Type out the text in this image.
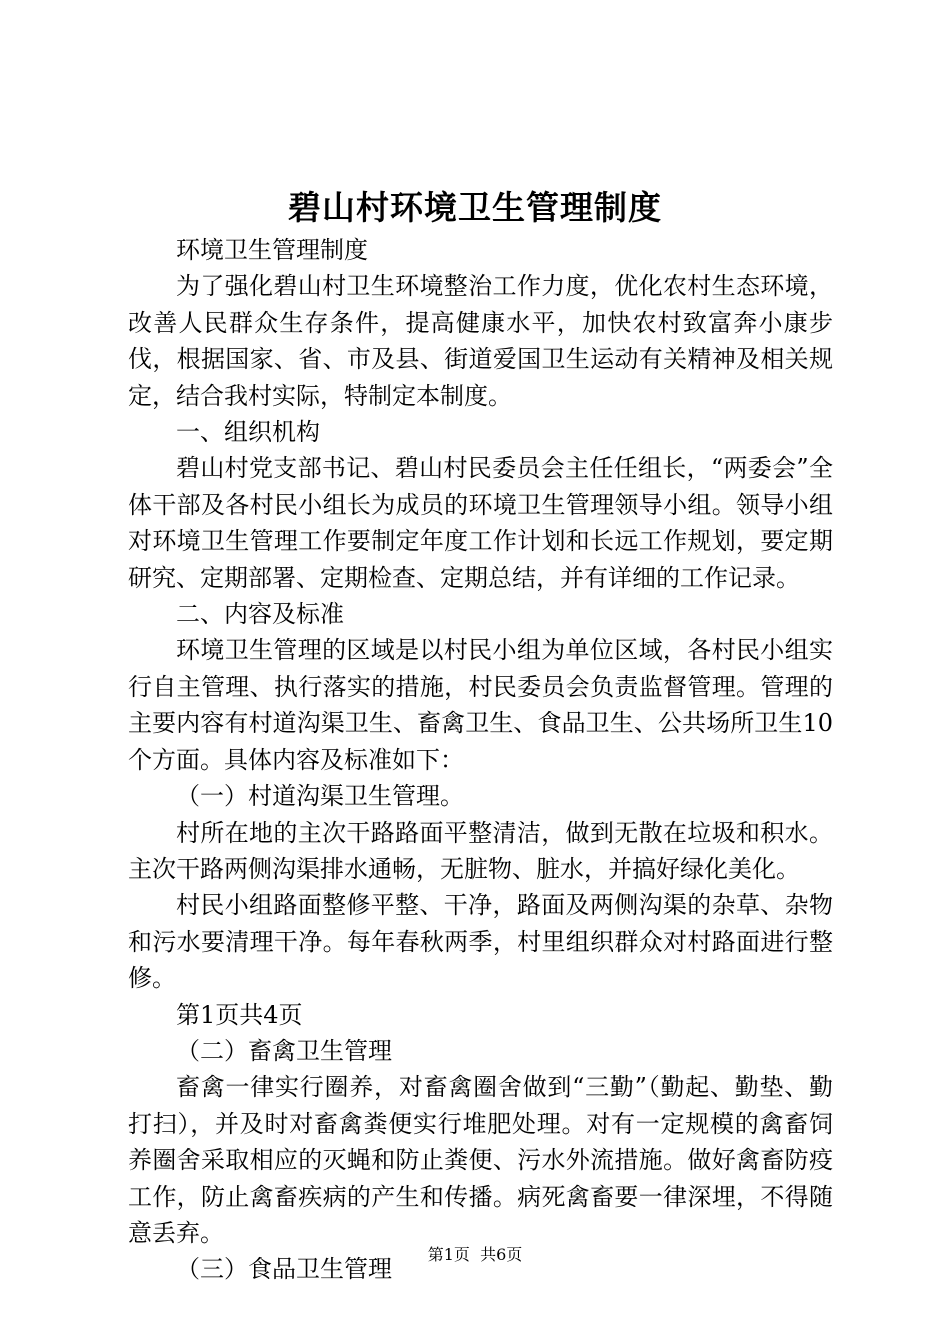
碧山村环境卫生管理制度

环境卫生管理制度

为了强化碧山村卫生环境整治工作力度，优化农村生态环境，改善人民群众生存条件，提高健康水平，加快农村致富奔小康步伐，根据国家、省、市及县、街道爱国卫生运动有关精神及相关规定，结合我村实际，特制定本制度。

一、组织机构

碧山村党支部书记、碧山村民委员会主任任组长，“两委会”全体干部及各村民小组长为成员的环境卫生管理领导小组。领导小组对环境卫生管理工作要制定年度工作计划和长远工作规划，要定期研究、定期部署、定期检查、定期总结，并有详细的工作记录。

二、内容及标准

环境卫生管理的区域是以村民小组为单位区域，各村民小组实行自主管理、执行落实的措施，村民委员会负责监督管理。管理的主要内容有村道沟渠卫生、畜禽卫生、食品卫生、公共场所卫生10个方面。具体内容及标准如下：

（一）村道沟渠卫生管理。

村所在地的主次干路路面平整清洁，做到无散在垃圾和积水。主次干路两侧沟渠排水通畅，无脏物、脏水，并搞好绿化美化。

村民小组路面整修平整、干净，路面及两侧沟渠的杂草、杂物和污水要清理干净。每年春秋两季，村里组织群众对村路面进行整修。

第1页共4页

（二）畜禽卫生管理

畜禽一律实行圈养，对畜禽圈舍做到“三勤”（勤起、勤垫、勤打扫），并及时对畜禽粪便实行堆肥处理。对有一定规模的禽畜饲养圈舍采取相应的灭蝇和防止粪便、污水外流措施。做好禽畜防疫工作，防止禽畜疾病的产生和传播。病死禽畜要一律深埋，不得随意丢弃。

（三）食品卫生管理

第1页  共6页
